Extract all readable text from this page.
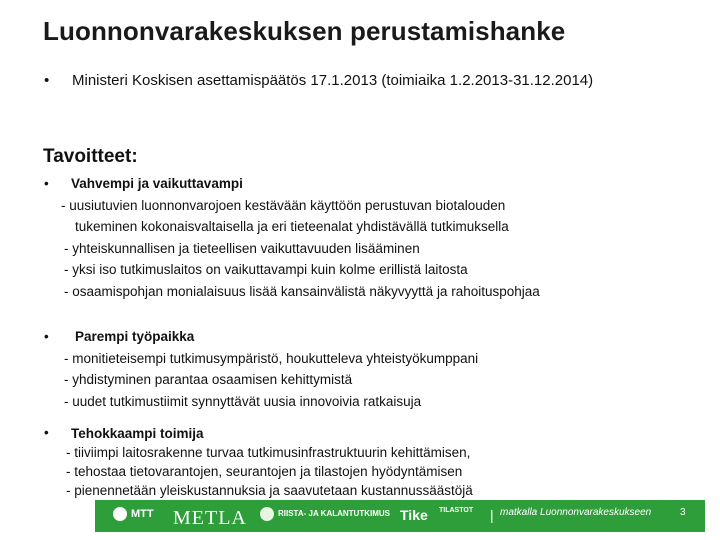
Luonnonvarakeskuksen perustamishanke
•	Ministeri Koskisen asettamispäätös 17.1.2013 (toimiaika 1.2.2013-31.12.2014)
Tavoitteet:
•	Vahvempi ja vaikuttavampi
- uusiutuvien luonnonvarojoen kestävään käyttöön perustuvan biotalouden
tukeminen kokonaisvaltaisella ja eri tieteenalat yhdistävällä tutkimuksella
- yhteiskunnallisen ja tieteellisen vaikuttavuuden lisääminen
- yksi iso tutkimuslaitos on vaikuttavampi kuin kolme erillistä laitosta
- osaamispohjan monialaisuus lisää kansainvälistä näkyvyyttä ja rahoituspohjaa
•	Parempi työpaikka
- monitieteisempi tutkimusympäristö, houkutteleva yhteistyökumppani
- yhdistyminen parantaa osaamisen kehittymistä
- uudet tutkimustiimit synnyttävät uusia innovoivia ratkaisuja
•	Tehokkaampi toimija
- tiiviimpi laitosrakenne turvaa tutkimusinfrastruktuurin kehittämisen,
- tehostaa tietovarantojen, seurantojen ja tilastojen hyödyntämisen
- pienennetään yleiskustannuksia ja saavutetaan kustannussäästöjä
MTT METLA	RIISTA- JA KALANTUTKIMUS Tike TILASTOT | matkalla Luonnonvarakeskukseen	3
